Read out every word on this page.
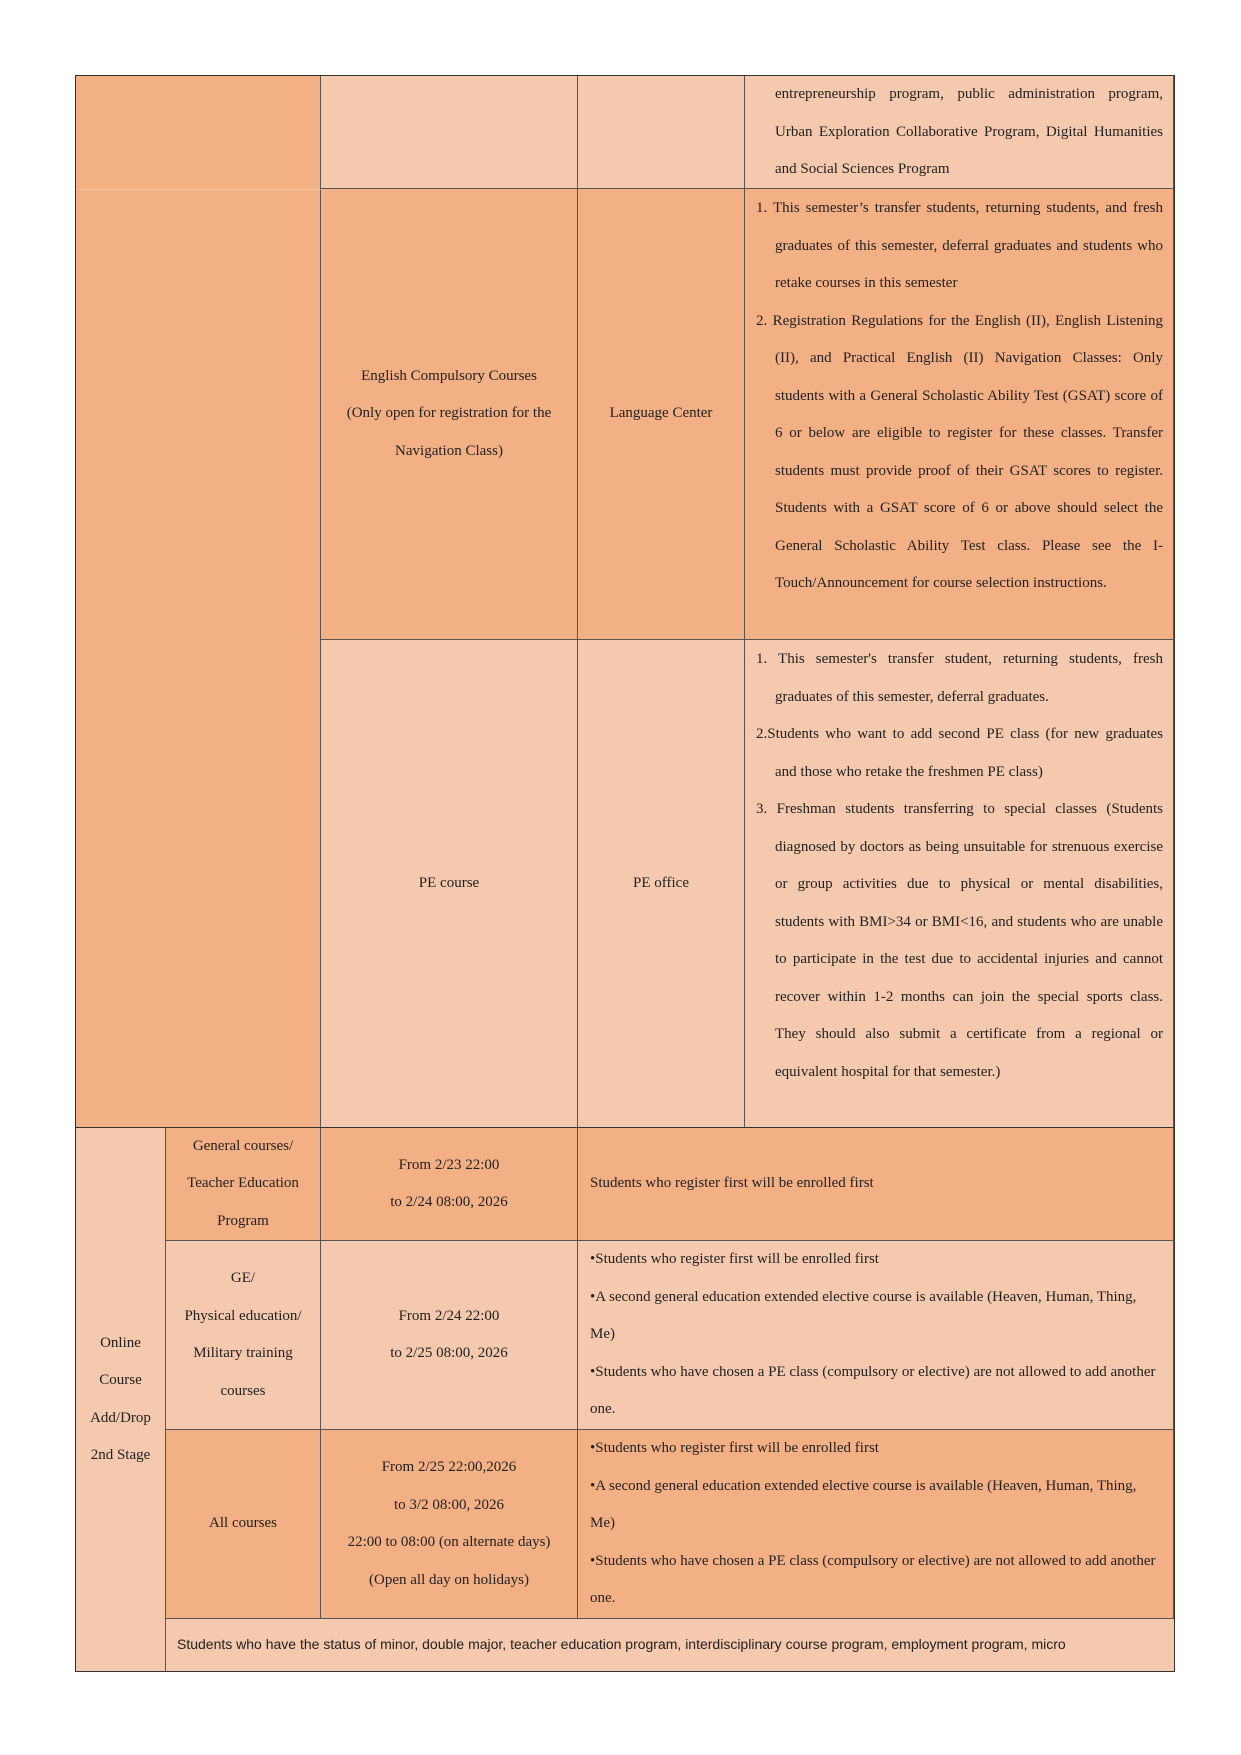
entrepreneurship program, public administration program, Urban Exploration Collaborative Program, Digital Humanities and Social Sciences Program
English Compulsory Courses
(Only open for registration for the
Navigation Class)
Language Center
1. This semester’s transfer students, returning students, and fresh graduates of this semester, deferral graduates and students who retake courses in this semester
2. Registration Regulations for the English (II), English Listening (II), and Practical English (II) Navigation Classes: Only students with a General Scholastic Ability Test (GSAT) score of 6 or below are eligible to register for these classes. Transfer students must provide proof of their GSAT scores to register. Students with a GSAT score of 6 or above should select the General Scholastic Ability Test class. Please see the I-Touch/Announcement for course selection instructions.
PE course	PE office
1. This semester's transfer student, returning students, fresh graduates of this semester, deferral graduates.
2.Students who want to add second PE class (for new graduates and those who retake the freshmen PE class)
3. Freshman students transferring to special classes (Students diagnosed by doctors as being unsuitable for strenuous exercise or group activities due to physical or mental disabilities, students with BMI>34 or BMI<16, and students who are unable to participate in the test due to accidental injuries and cannot recover within 1-2 months can join the special sports class. They should also submit a certificate from a regional or equivalent hospital for that semester.)
Online
Course
Add/Drop
2nd Stage
General courses/
Teacher Education
Program
From 2/23 22:00
to 2/24 08:00, 2026
Students who register first will be enrolled first
GE/
Physical education/
Military training
courses
From 2/24 22:00
to 2/25 08:00, 2026
•Students who register first will be enrolled first
•A second general education extended elective course is available (Heaven, Human, Thing, Me)
•Students who have chosen a PE class (compulsory or elective) are not allowed to add another one.
All courses
From 2/25 22:00,2026
to 3/2 08:00, 2026
22:00 to 08:00 (on alternate days)
(Open all day on holidays)
•Students who register first will be enrolled first
•A second general education extended elective course is available (Heaven, Human, Thing, Me)
•Students who have chosen a PE class (compulsory or elective) are not allowed to add another one.
Students who have the status of minor, double major, teacher education program, interdisciplinary course program, employment program, micro
